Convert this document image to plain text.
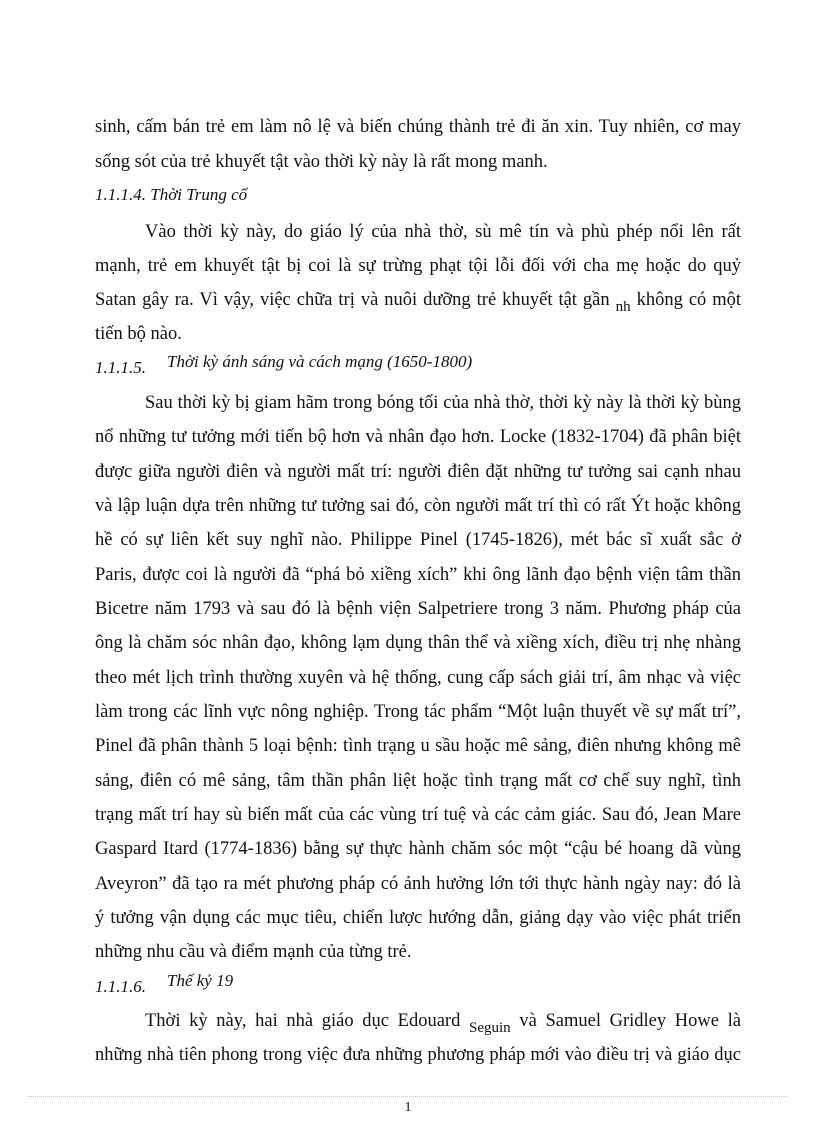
sinh, cấm bán trẻ em làm nô lệ và biến chúng thành trẻ đi ăn xin. Tuy nhiên, cơ may
sống sót của trẻ khuyết tật vào thời kỳ này là rất mong manh.
1.1.1.4. Thời Trung cổ
Vào thời kỳ này, do giáo lý của nhà thờ, sù mê tín và phù phép nổi lên rất
mạnh, trẻ em khuyết tật bị coi là sự trừng phạt tội lỗi đối với cha mẹ hoặc do quỷ
Satan gây ra. Vì vậy, việc chữa trị và nuôi dưỡng trẻ khuyết tật gần $_{nh}$ không có một
tiến bộ nào.
1.1.1.5. Thời kỳ ánh sáng và cách mạng (1650-1800)
Sau thời kỳ bị giam hãm trong bóng tối của nhà thờ, thời kỳ này là thời kỳ bùng
nổ những tư tưởng mới tiến bộ hơn và nhân đạo hơn. Locke (1832-1704) đã phân biệt
được giữa người điên và người mất trí: người điên đặt những tư tưởng sai cạnh nhau
và lập luận dựa trên những tư tưởng sai đó, còn người mất trí thì có rất Ýt hoặc không
hề có sự liên kết suy nghĩ nào. Philippe Pinel (1745-1826), mét bác sĩ xuất sắc ở
Paris, được coi là người đã “phá bỏ xiềng xích” khi ông lãnh đạo bệnh viện tâm thần
Bicetre năm 1793 và sau đó là bệnh viện Salpetriere trong 3 năm. Phương pháp của
ông là chăm sóc nhân đạo, không lạm dụng thân thể và xiềng xích, điều trị nhẹ nhàng
theo mét lịch trình thường xuyên và hệ thống, cung cấp sách giải trí, âm nhạc và việc
làm trong các lĩnh vực nông nghiệp. Trong tác phẩm “Một luận thuyết về sự mất trí”,
Pinel đã phân thành 5 loại bệnh: tình trạng u sầu hoặc mê sảng, điên nhưng không mê
sảng, điên có mê sảng, tâm thần phân liệt hoặc tình trạng mất cơ chế suy nghĩ, tình
trạng mất trí hay sù biến mất của các vùng trí tuệ và các cảm giác. Sau đó, Jean Mare
Gaspard Itard (1774-1836) bằng sự thực hành chăm sóc một “cậu bé hoang dã vùng
Aveyron” đã tạo ra mét phương pháp có ảnh hưởng lớn tới thực hành ngày nay: đó là
ý tưởng vận dụng các mục tiêu, chiến lược hướng dẫn, giảng dạy vào việc phát triển
những nhu cầu và điểm mạnh của từng trẻ.
1.1.1.6. Thế kỷ 19
Thời kỳ này, hai nhà giáo dục Edouard $_{Seguin}$ và Samuel Gridley Howe là
những nhà tiên phong trong việc đưa những phương pháp mới vào điều trị và giáo dục
1
